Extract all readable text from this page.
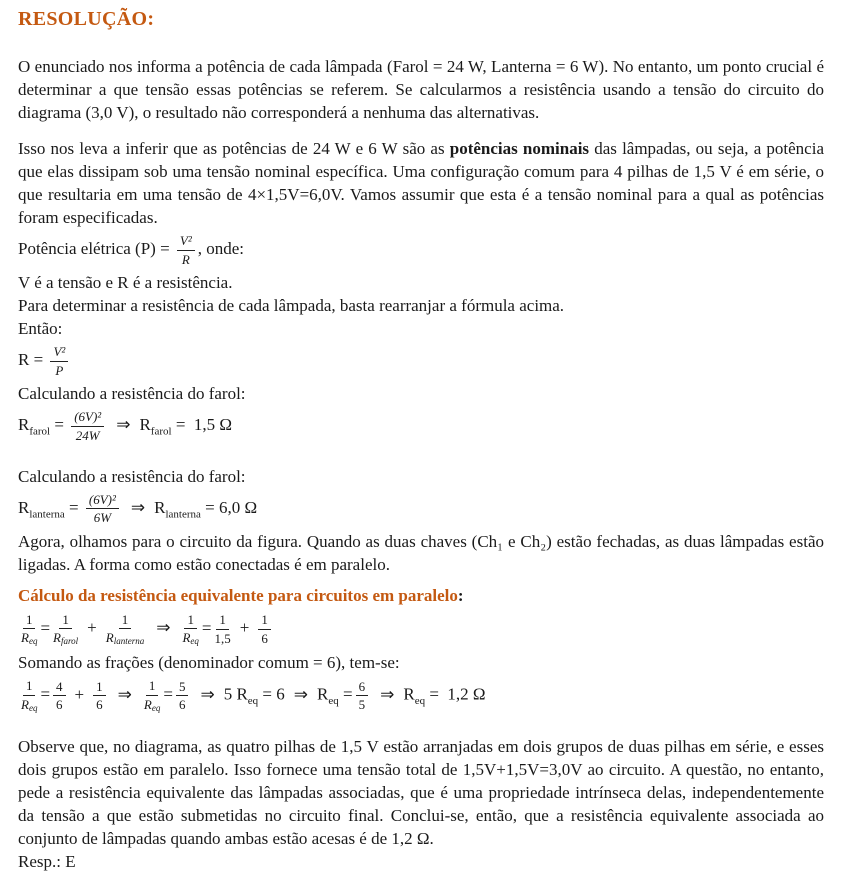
RESOLUÇÃO:

O enunciado nos informa a potência de cada lâmpada (Farol = 24 W, Lanterna = 6 W). No entanto, um ponto crucial é determinar a que tensão essas potências se referem. Se calcularmos a resistência usando a tensão do circuito do diagrama (3,0 V), o resultado não corresponderá a nenhuma das alternativas.

Isso nos leva a inferir que as potências de 24 W e 6 W são as potências nominais das lâmpadas, ou seja, a potência que elas dissipam sob uma tensão nominal específica. Uma configuração comum para 4 pilhas de 1,5 V é em série, o que resultaria em uma tensão de 4×1,5V=6,0V. Vamos assumir que esta é a tensão nominal para a qual as potências foram especificadas.

Potência elétrica $(P) = \frac{\text{V²}}{R}$ , onde:
V é a tensão e R é a resistência.
Para determinar a resistência de cada lâmpada, basta rearranjar a fórmula acima.
Então:
$R = \frac{\text{V²}}{P}$
Calculando a resistência do farol:
$R_{farol} = \frac{\text{(6V)²}}{24W}$ ⇒ $R_{farol} = 1,5$ Ω
Calculando a resistência do farol:
$R_{lanterna} = \frac{\text{(6V)²}}{6W}$ ⇒ $R_{lanterna} = 6,0$ Ω

Agora, olhamos para o circuito da figura. Quando as duas chaves (Ch₁ e Ch₂) estão fechadas, as duas lâmpadas estão ligadas. A forma como estão conectadas é em paralelo.

Cálculo da resistência equivalente para circuitos em paralelo:
$\frac{1}{\text{Req}} = \frac{1}{\text{Rfarol}} + \frac{1}{\text{Rlanterna}}$ ⇒ $\frac{1}{\text{Req}} = \frac{1}{1,5} + \frac{1}{6}$
Somando as frações (denominador comum = 6), tem-se:
$\frac{1}{\text{Req}} = \frac{4}{6} + \frac{1}{6}$ ⇒ $\frac{1}{\text{Req}} = \frac{5}{6}$ ⇒ 5 $R_{eq} = 6$ ⇒ $R_{eq} = \frac{6}{5}$ ⇒ $R_{eq} = 1,2$ Ω

Observe que, no diagrama, as quatro pilhas de 1,5 V estão arranjadas em dois grupos de duas pilhas em série, e esses dois grupos estão em paralelo. Isso fornece uma tensão total de 1,5V+1,5V=3,0V ao circuito. A questão, no entanto, pede a resistência equivalente das lâmpadas associadas, que é uma propriedade intrínseca delas, independentemente da tensão a que estão submetidas no circuito final. Conclui-se, então, que a resistência equivalente associada ao conjunto de lâmpadas quando ambas estão acesas é de 1,2 Ω.

Resp.: E
